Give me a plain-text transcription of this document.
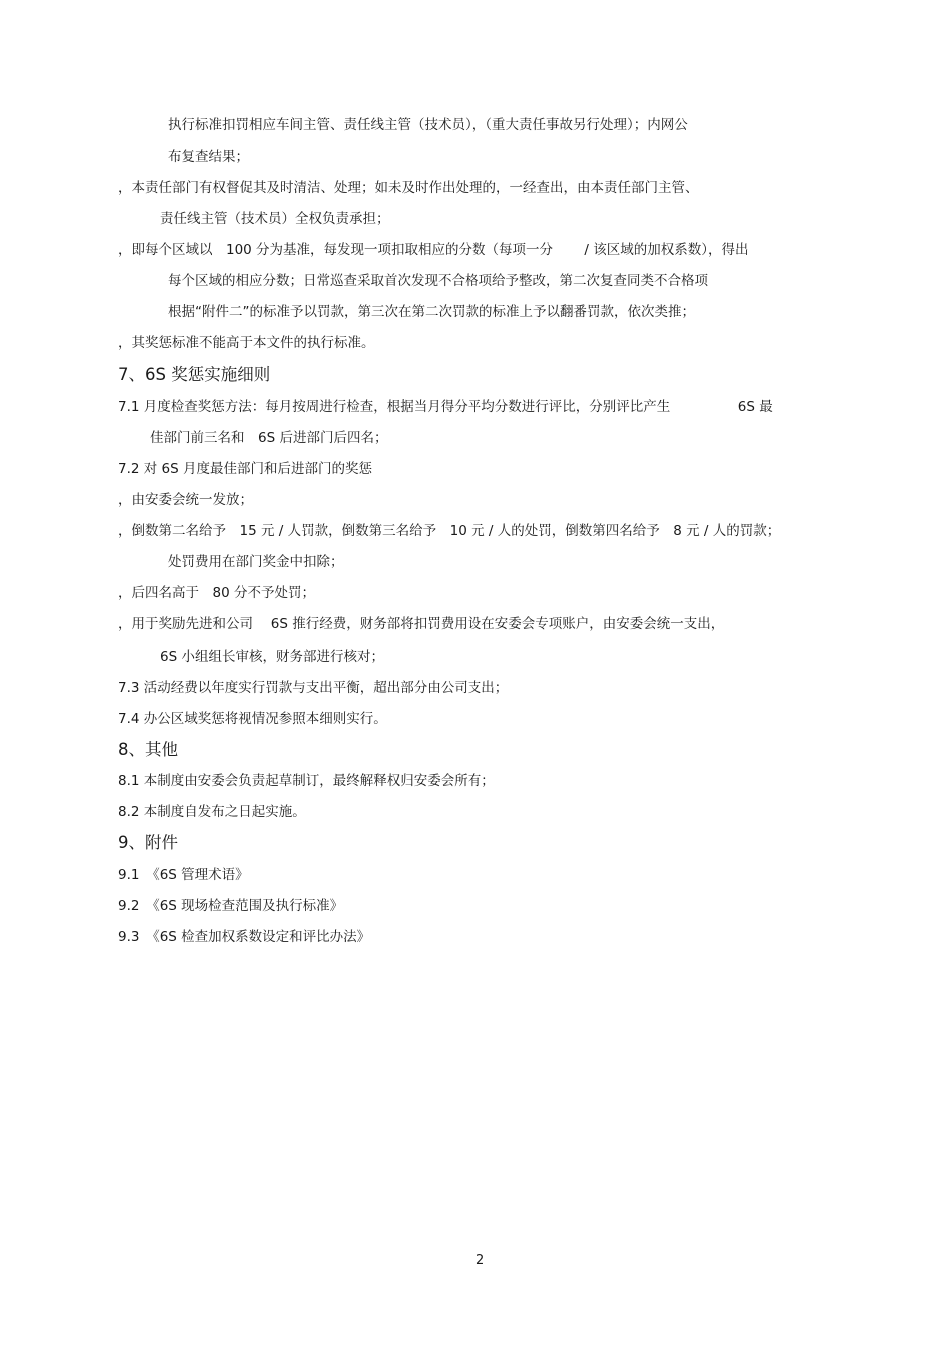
执行标准扣罚相应车间主管、责任线主管（技术员），（重大责任事故另行处理）；内网公
布复查结果；
，本责任部门有权督促其及时清洁、处理；如未及时作出处理的，一经查出，由本责任部门主管、
责任线主管（技术员）全权负责承担；
，即每个区域以　100 分为基准，每发现一项扣取相应的分数（每项一分　　 / 该区域的加权系数），得出
每个区域的相应分数；日常巡查采取首次发现不合格项给予整改，第二次复查同类不合格项
根据“附件二”的标准予以罚款，第三次在第二次罚款的标准上予以翻番罚款，依次类推；
，其奖惩标准不能高于本文件的执行标准。
7、6S 奖惩实施细则
7.1 月度检查奖惩方法：每月按周进行检查，根据当月得分平均分数进行评比，分别评比产生　　　　　6S 最
佳部门前三名和　6S 后进部门后四名；
7.2 对 6S 月度最佳部门和后进部门的奖惩
，由安委会统一发放；
，倒数第二名给予　15 元 / 人罚款，倒数第三名给予　10 元 / 人的处罚，倒数第四名给予　8 元 / 人的罚款；
处罚费用在部门奖金中扣除；
，后四名高于　80 分不予处罚；
，用于奖励先进和公司　 6S 推行经费，财务部将扣罚费用设在安委会专项账户，由安委会统一支出，
6S 小组组长审核，财务部进行核对；
7.3 活动经费以年度实行罚款与支出平衡，超出部分由公司支出；
7.4 办公区域奖惩将视情况参照本细则实行。
8、其他
8.1 本制度由安委会负责起草制订，最终解释权归安委会所有；
8.2 本制度自发布之日起实施。
9、附件
9.1　《6S 管理术语》
9.2　《6S 现场检查范围及执行标准》
9.3　《6S 检查加权系数设定和评比办法》
2
